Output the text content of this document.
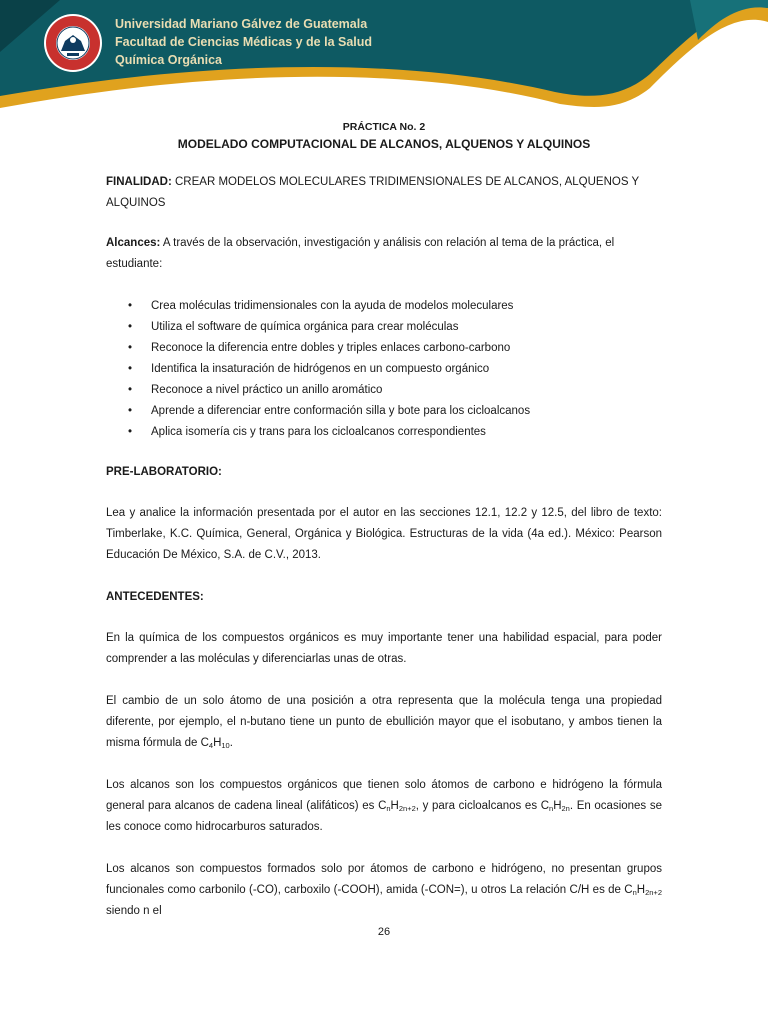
Universidad Mariano Gálvez de Guatemala
Facultad de Ciencias Médicas y de la Salud
Química Orgánica
PRÁCTICA No. 2
MODELADO COMPUTACIONAL DE ALCANOS, ALQUENOS Y ALQUINOS

FINALIDAD: CREAR MODELOS MOLECULARES TRIDIMENSIONALES DE ALCANOS, ALQUENOS Y ALQUINOS

Alcances: A través de la observación, investigación y análisis con relación al tema de la práctica, el estudiante:

• Crea moléculas tridimensionales con la ayuda de modelos moleculares
• Utiliza el software de química orgánica para crear moléculas
• Reconoce la diferencia entre dobles y triples enlaces carbono-carbono
• Identifica la insaturación de hidrógenos en un compuesto orgánico
• Reconoce a nivel práctico un anillo aromático
• Aprende a diferenciar entre conformación silla y bote para los cicloalcanos
• Aplica isomería cis y trans para los cicloalcanos correspondientes
PRE-LABORATORIO:

Lea y analice la información presentada por el autor en las secciones 12.1, 12.2 y 12.5, del libro de texto: Timberlake, K.C. Química, General, Orgánica y Biológica. Estructuras de la vida (4a ed.). México: Pearson Educación De México, S.A. de C.V., 2013.

ANTECEDENTES:

En la química de los compuestos orgánicos es muy importante tener una habilidad espacial, para poder comprender a las moléculas y diferenciarlas unas de otras.

El cambio de un solo átomo de una posición a otra representa que la molécula tenga una propiedad diferente, por ejemplo, el n-butano tiene un punto de ebullición mayor que el isobutano, y ambos tienen la misma fórmula de $C_4H_{10}$.

Los alcanos son los compuestos orgánicos que tienen solo átomos de carbono e hidrógeno la fórmula general para alcanos de cadena lineal (alifáticos) es $C_nH_{2n+2}$, y para cicloalcanos es $C_nH_{2n}$. En ocasiones se les conoce como hidrocarburos saturados.

Los alcanos son compuestos formados solo por átomos de carbono e hidrógeno, no presentan grupos funcionales como carbonilo (-CO), carboxilo (-COOH), amida (-CON=), u otros La relación C/H es de $C_nH_{2n+2}$ siendo n el

26
